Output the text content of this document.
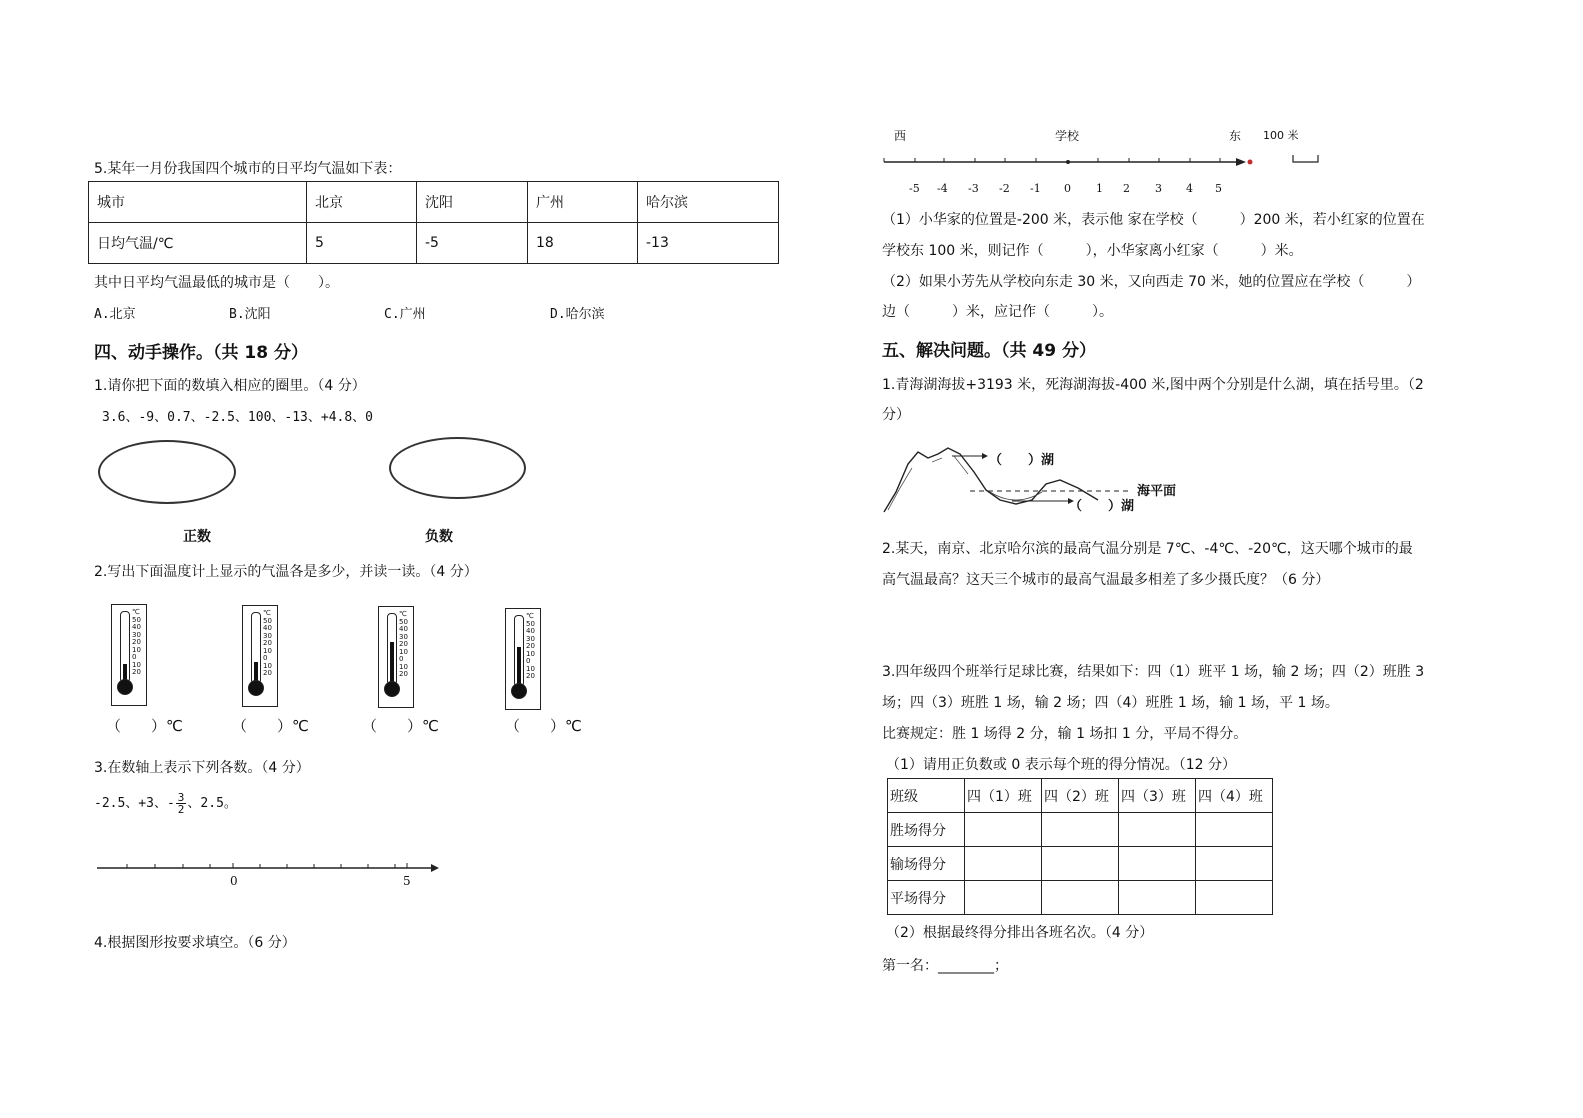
5.某年一月份我国四个城市的日平均气温如下表：
城市	北京	沈阳	广州	哈尔滨
日均气温/℃	5	-5	18	-13
其中日平均气温最低的城市是（　　）。
A.北京	B.沈阳	C.广州	D.哈尔滨
四、动手操作。（共 18 分）
1.请你把下面的数填入相应的圈里。（4 分）
3.6、-9、0.7、-2.5、100、-13、+4.8、0
正数	负数
2.写出下面温度计上显示的气温各是多少，并读一读。（4 分）
℃
50
40
30
20
10
0
10
20
℃
50
40
30
20
10
0
10
20
℃
50
40
30
20
10
0
10
20
℃
50
40
30
20
10
0
10
20
（　　）℃	（　　）℃	（　　）℃	（　　）℃
3.在数轴上表示下列各数。（4 分）
-2.5、+3、- $\frac{3}{2}$ 、2.5。
0	5
4.根据图形按要求填空。（6 分）
西	学校	东 100 米
-5 -4 -3 -2 -1 0 1 2 3 4 5
（1）小华家的位置是-200 米，表示他 家在学校（　　　）200 米，若小红家的位置在
学校东 100 米，则记作（　　　），小华家离小红家（　　　）米。
（2）如果小芳先从学校向东走 30 米，又向西走 70 米，她的位置应在学校（　　　）
边（　　　）米，应记作（　　　）。
五、解决问题。（共 49 分）
1.青海湖海拔+3193 米，死海湖海拔-400 米,图中两个分别是什么湖，填在括号里。（2
分）
（　　）湖
海平面
（　　）湖
2.某天，南京、北京哈尔滨的最高气温分别是 7℃、-4℃、-20℃，这天哪个城市的最
高气温最高？这天三个城市的最高气温最多相差了多少摄氏度？（6 分）
3.四年级四个班举行足球比赛，结果如下：四（1）班平 1 场，输 2 场；四（2）班胜 3
场；四（3）班胜 1 场，输 2 场；四（4）班胜 1 场，输 1 场，平 1 场。
比赛规定：胜 1 场得 2 分，输 1 场扣 1 分，平局不得分。
（1）请用正负数或 0 表示每个班的得分情况。（12 分）
班级	四（1）班	四（2）班	四（3）班	四（4）班
胜场得分				
输场得分				
平场得分				
（2）根据最终得分排出各班名次。（4 分）
第一名：________；
